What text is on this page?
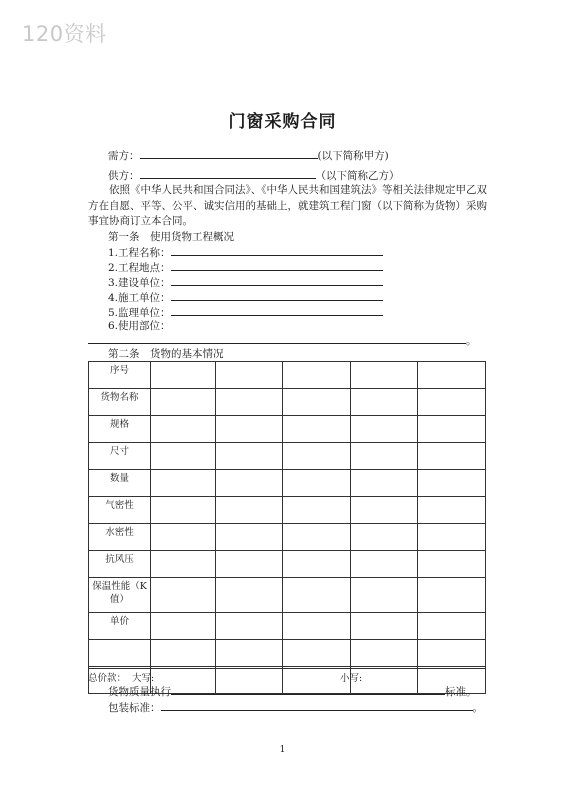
120资料
门窗采购合同
需方：	(以下简称甲方)
供方：	（以下简称乙方）
依照《中华人民共和国合同法》、《中华人民共和国建筑法》等相关法律规定甲乙双方在自愿、平等、公平、诚实信用的基础上，就建筑工程门窗（以下简称为货物）采购事宜协商订立本合同。
第一条　使用货物工程概况
1.工程名称：
2.工程地点：
3.建设单位：
4.施工单位：
5.监理单位：
6.使用部位：
。
第二条　货物的基本情况
序号					
货物名称					
规格					
尺寸					
数量					
气密性					
水密性					
抗风压					
保温性能（K值）					
单价					

总价款： 大写:	小写:
货物质量执行	标准。
包装标准：	。
1
